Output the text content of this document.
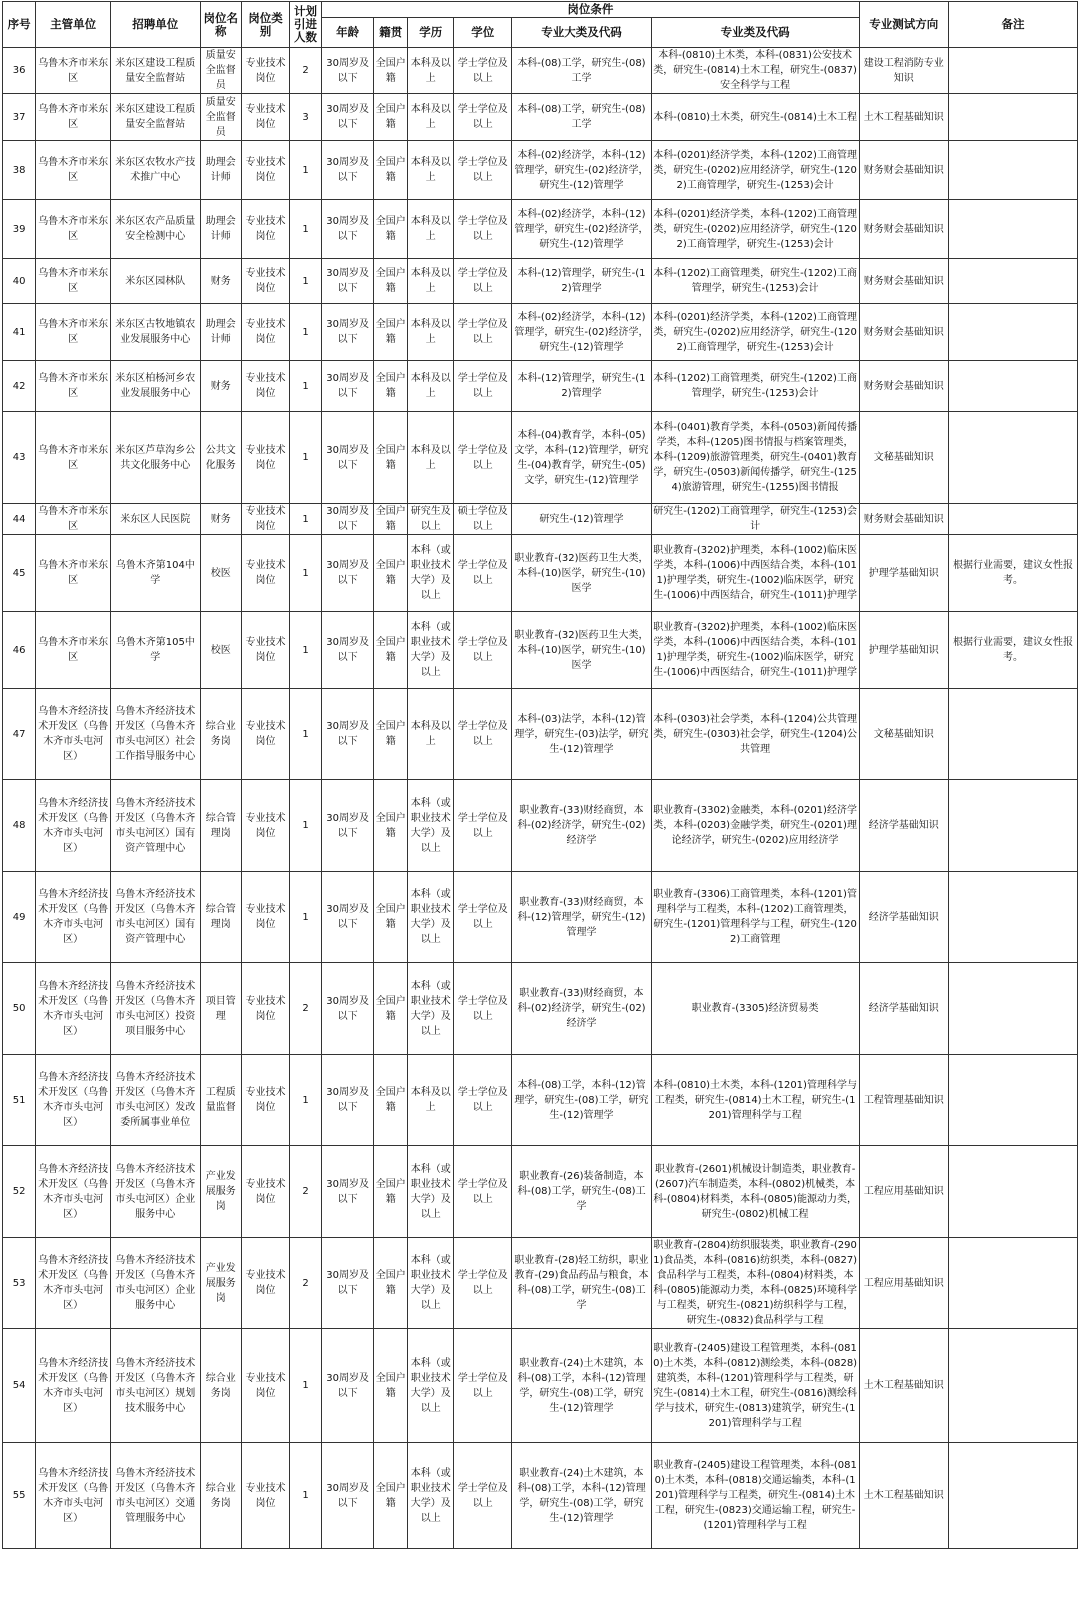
序号	主管单位	招聘单位	岗位名称	岗位类别	计划引进人数	岗位条件						专业测试方向	备注
						年龄	籍贯	学历	学位	专业大类及代码	专业类及代码		
36	乌鲁木齐市米东区	米东区建设工程质量安全监督站	质量安全监督员	专业技术岗位	2	30周岁及以下	全国户籍	本科及以上	学士学位及以上	本科-(08)工学，研究生-(08)工学	本科-(0810)土木类，本科-(0831)公安技术类，研究生-(0814)土木工程，研究生-(0837)安全科学与工程	建设工程消防专业知识	
37	乌鲁木齐市米东区	米东区建设工程质量安全监督站	质量安全监督员	专业技术岗位	3	30周岁及以下	全国户籍	本科及以上	学士学位及以上	本科-(08)工学，研究生-(08)工学	本科-(0810)土木类，研究生-(0814)土木工程	土木工程基础知识	
38	乌鲁木齐市米东区	米东区农牧水产技术推广中心	助理会计师	专业技术岗位	1	30周岁及以下	全国户籍	本科及以上	学士学位及以上	本科-(02)经济学，本科-(12)管理学，研究生-(02)经济学，研究生-(12)管理学	本科-(0201)经济学类，本科-(1202)工商管理类，研究生-(0202)应用经济学，研究生-(1202)工商管理学，研究生-(1253)会计	财务财会基础知识	
39	乌鲁木齐市米东区	米东区农产品质量安全检测中心	助理会计师	专业技术岗位	1	30周岁及以下	全国户籍	本科及以上	学士学位及以上	本科-(02)经济学，本科-(12)管理学，研究生-(02)经济学，研究生-(12)管理学	本科-(0201)经济学类，本科-(1202)工商管理类，研究生-(0202)应用经济学，研究生-(1202)工商管理学，研究生-(1253)会计	财务财会基础知识	
40	乌鲁木齐市米东区	米东区园林队	财务	专业技术岗位	1	30周岁及以下	全国户籍	本科及以上	学士学位及以上	本科-(12)管理学，研究生-(12)管理学	本科-(1202)工商管理类，研究生-(1202)工商管理学，研究生-(1253)会计	财务财会基础知识	
41	乌鲁木齐市米东区	米东区古牧地镇农业发展服务中心	助理会计师	专业技术岗位	1	30周岁及以下	全国户籍	本科及以上	学士学位及以上	本科-(02)经济学，本科-(12)管理学，研究生-(02)经济学，研究生-(12)管理学	本科-(0201)经济学类，本科-(1202)工商管理类，研究生-(0202)应用经济学，研究生-(1202)工商管理学，研究生-(1253)会计	财务财会基础知识	
42	乌鲁木齐市米东区	米东区柏杨河乡农业发展服务中心	财务	专业技术岗位	1	30周岁及以下	全国户籍	本科及以上	学士学位及以上	本科-(12)管理学，研究生-(12)管理学	本科-(1202)工商管理类，研究生-(1202)工商管理学，研究生-(1253)会计	财务财会基础知识	
43	乌鲁木齐市米东区	米东区芦草沟乡公共文化服务中心	公共文化服务	专业技术岗位	1	30周岁及以下	全国户籍	本科及以上	学士学位及以上	本科-(04)教育学，本科-(05)文学，本科-(12)管理学，研究生-(04)教育学，研究生-(05)文学，研究生-(12)管理学	本科-(0401)教育学类，本科-(0503)新闻传播学类，本科-(1205)图书情报与档案管理类，本科-(1209)旅游管理类，研究生-(0401)教育学，研究生-(0503)新闻传播学，研究生-(1254)旅游管理，研究生-(1255)图书情报	文秘基础知识	
44	乌鲁木齐市米东区	米东区人民医院	财务	专业技术岗位	1	30周岁及以下	全国户籍	研究生及以上	硕士学位及以上	研究生-(12)管理学	研究生-(1202)工商管理学，研究生-(1253)会计	财务财会基础知识	
45	乌鲁木齐市米东区	乌鲁木齐第104中学	校医	专业技术岗位	1	30周岁及以下	全国户籍	本科（或职业技术大学）及以上	学士学位及以上	职业教育-(32)医药卫生大类，本科-(10)医学，研究生-(10)医学	职业教育-(3202)护理类，本科-(1002)临床医学类，本科-(1006)中西医结合类，本科-(1011)护理学类，研究生-(1002)临床医学，研究生-(1006)中西医结合，研究生-(1011)护理学	护理学基础知识	根据行业需要，建议女性报考。
46	乌鲁木齐市米东区	乌鲁木齐第105中学	校医	专业技术岗位	1	30周岁及以下	全国户籍	本科（或职业技术大学）及以上	学士学位及以上	职业教育-(32)医药卫生大类，本科-(10)医学，研究生-(10)医学	职业教育-(3202)护理类，本科-(1002)临床医学类，本科-(1006)中西医结合类，本科-(1011)护理学类，研究生-(1002)临床医学，研究生-(1006)中西医结合，研究生-(1011)护理学	护理学基础知识	根据行业需要，建议女性报考。
47	乌鲁木齐经济技术开发区（乌鲁木齐市头屯河区）	乌鲁木齐经济技术开发区（乌鲁木齐市头屯河区）社会工作指导服务中心	综合业务岗	专业技术岗位	1	30周岁及以下	全国户籍	本科及以上	学士学位及以上	本科-(03)法学，本科-(12)管理学，研究生-(03)法学，研究生-(12)管理学	本科-(0303)社会学类，本科-(1204)公共管理类，研究生-(0303)社会学，研究生-(1204)公共管理	文秘基础知识	
48	乌鲁木齐经济技术开发区（乌鲁木齐市头屯河区）	乌鲁木齐经济技术开发区（乌鲁木齐市头屯河区）国有资产管理中心	综合管理岗	专业技术岗位	1	30周岁及以下	全国户籍	本科（或职业技术大学）及以上	学士学位及以上	职业教育-(33)财经商贸，本科-(02)经济学，研究生-(02)经济学	职业教育-(3302)金融类，本科-(0201)经济学类，本科-(0203)金融学类，研究生-(0201)理论经济学，研究生-(0202)应用经济学	经济学基础知识	
49	乌鲁木齐经济技术开发区（乌鲁木齐市头屯河区）	乌鲁木齐经济技术开发区（乌鲁木齐市头屯河区）国有资产管理中心	综合管理岗	专业技术岗位	1	30周岁及以下	全国户籍	本科（或职业技术大学）及以上	学士学位及以上	职业教育-(33)财经商贸，本科-(12)管理学，研究生-(12)管理学	职业教育-(3306)工商管理类，本科-(1201)管理科学与工程类，本科-(1202)工商管理类，研究生-(1201)管理科学与工程，研究生-(1202)工商管理	经济学基础知识	
50	乌鲁木齐经济技术开发区（乌鲁木齐市头屯河区）	乌鲁木齐经济技术开发区（乌鲁木齐市头屯河区）投资项目服务中心	项目管理	专业技术岗位	2	30周岁及以下	全国户籍	本科（或职业技术大学）及以上	学士学位及以上	职业教育-(33)财经商贸，本科-(02)经济学，研究生-(02)经济学	职业教育-(3305)经济贸易类	经济学基础知识	
51	乌鲁木齐经济技术开发区（乌鲁木齐市头屯河区）	乌鲁木齐经济技术开发区（乌鲁木齐市头屯河区）发改委所属事业单位	工程质量监督	专业技术岗位	1	30周岁及以下	全国户籍	本科及以上	学士学位及以上	本科-(08)工学，本科-(12)管理学，研究生-(08)工学，研究生-(12)管理学	本科-(0810)土木类，本科-(1201)管理科学与工程类，研究生-(0814)土木工程，研究生-(1201)管理科学与工程	工程管理基础知识	
52	乌鲁木齐经济技术开发区（乌鲁木齐市头屯河区）	乌鲁木齐经济技术开发区（乌鲁木齐市头屯河区）企业服务中心	产业发展服务岗	专业技术岗位	2	30周岁及以下	全国户籍	本科（或职业技术大学）及以上	学士学位及以上	职业教育-(26)装备制造，本科-(08)工学，研究生-(08)工学	职业教育-(2601)机械设计制造类，职业教育-(2607)汽车制造类，本科-(0802)机械类，本科-(0804)材料类，本科-(0805)能源动力类，研究生-(0802)机械工程	工程应用基础知识	
53	乌鲁木齐经济技术开发区（乌鲁木齐市头屯河区）	乌鲁木齐经济技术开发区（乌鲁木齐市头屯河区）企业服务中心	产业发展服务岗	专业技术岗位	2	30周岁及以下	全国户籍	本科（或职业技术大学）及以上	学士学位及以上	职业教育-(28)轻工纺织，职业教育-(29)食品药品与粮食，本科-(08)工学，研究生-(08)工学	职业教育-(2804)纺织服装类，职业教育-(2901)食品类，本科-(0816)纺织类，本科-(0827)食品科学与工程类，本科-(0804)材料类，本科-(0805)能源动力类，本科-(0825)环境科学与工程类，研究生-(0821)纺织科学与工程，研究生-(0832)食品科学与工程	工程应用基础知识	
54	乌鲁木齐经济技术开发区（乌鲁木齐市头屯河区）	乌鲁木齐经济技术开发区（乌鲁木齐市头屯河区）规划技术服务中心	综合业务岗	专业技术岗位	1	30周岁及以下	全国户籍	本科（或职业技术大学）及以上	学士学位及以上	职业教育-(24)土木建筑，本科-(08)工学，本科-(12)管理学，研究生-(08)工学，研究生-(12)管理学	职业教育-(2405)建设工程管理类，本科-(0810)土木类，本科-(0812)测绘类，本科-(0828)建筑类，本科-(1201)管理科学与工程类，研究生-(0814)土木工程，研究生-(0816)测绘科学与技术，研究生-(0813)建筑学，研究生-(1201)管理科学与工程	土木工程基础知识	
55	乌鲁木齐经济技术开发区（乌鲁木齐市头屯河区）	乌鲁木齐经济技术开发区（乌鲁木齐市头屯河区）交通管理服务中心	综合业务岗	专业技术岗位	1	30周岁及以下	全国户籍	本科（或职业技术大学）及以上	学士学位及以上	职业教育-(24)土木建筑，本科-(08)工学，本科-(12)管理学，研究生-(08)工学，研究生-(12)管理学	职业教育-(2405)建设工程管理类，本科-(0810)土木类，本科-(0818)交通运输类，本科-(1201)管理科学与工程类，研究生-(0814)土木工程，研究生-(0823)交通运输工程，研究生-(1201)管理科学与工程	土木工程基础知识	
